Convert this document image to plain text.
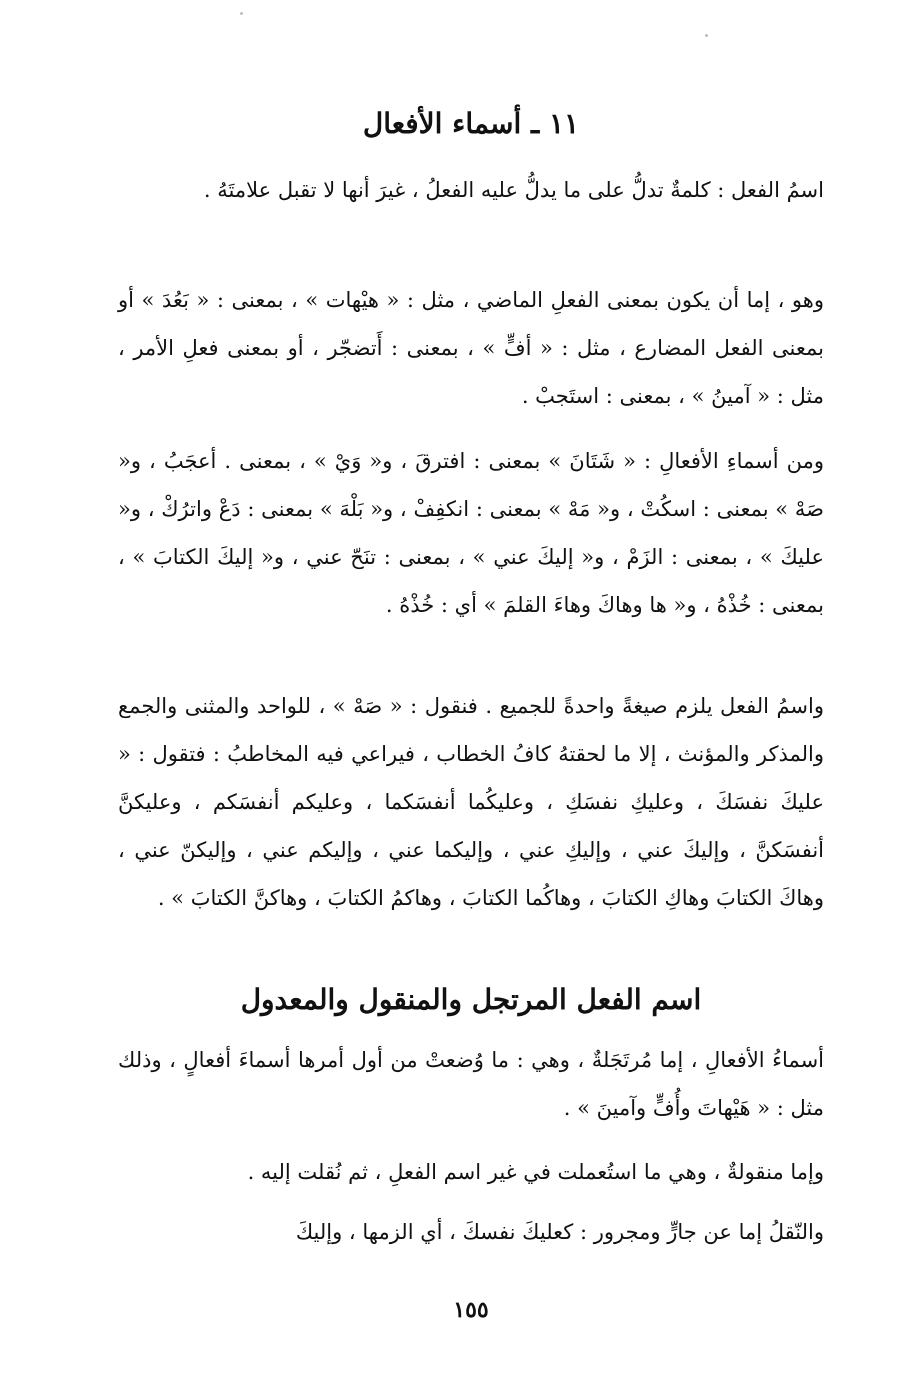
١١ ـ أسماء الأفعال

اسمُ الفعل : كلمةٌ تدلُّ على ما يدلُّ عليه الفعلُ ، غيرَ أنها لا تقبل علامتَهُ .

وهو ، إما أن يكون بمعنى الفعلِ الماضي ، مثل : « هيْهات » ، بمعنى : « بَعُدَ » أو بمعنى الفعل المضارع ، مثل : « أفٍّ » ، بمعنى : أَتضجّر ، أو بمعنى فعلِ الأمر ، مثل : « آمينُ » ، بمعنى : استَجبْ .

ومن أسماءِ الأفعالِ : « شَتَانَ » بمعنى : افترقَ ، و« وَيْ » ، بمعنى . أعجَبُ ، و« صَهْ » بمعنى : اسكُتْ ، و« مَهْ » بمعنى : انكفِفْ ، و« بَلْهَ » بمعنى : دَعْ واترُكْ ، و« عليكَ » ، بمعنى : الزَمْ ، و« إليكَ عني » ، بمعنى : تنَحّ عني ، و« إليكَ الكتابَ » ، بمعنى : خُذْهُ ، و« ها وهاكَ وهاءَ القلمَ » أي : خُذْهُ .

واسمُ الفعل يلزم صيغةً واحدةً للجميع . فنقول : « صَهْ » ، للواحد والمثنى والجمع والمذكر والمؤنث ، إلا ما لحقتهُ كافُ الخطاب ، فيراعي فيه المخاطبُ : فتقول : « عليكَ نفسَكَ ، وعليكِ نفسَكِ ، وعليكُما أنفسَكما ، وعليكم أنفسَكم ، وعليكنَّ أنفسَكنَّ ، وإليكَ عني ، وإليكِ عني ، وإليكما عني ، وإليكم عني ، وإليكنّ عني ، وهاكَ الكتابَ وهاكِ الكتابَ ، وهاكُما الكتابَ ، وهاكمُ الكتابَ ، وهاكنَّ الكتابَ » .

اسم الفعل المرتجل والمنقول والمعدول

أسماءُ الأفعالِ ، إما مُرتَجَلةٌ ، وهي : ما وُضعتْ من أول أمرها أسماءَ أفعالٍ ، وذلك مثل : « هَيْهاتَ وأُفٍّ وآمينَ » .

وإما منقولةٌ ، وهي ما استُعملت في غير اسم الفعلِ ، ثم نُقلت إليه .

والنّقلُ إما عن جارٍّ ومجرور : كعليكَ نفسكَ ، أي الزمها ، وإليكَ

١٥٥
